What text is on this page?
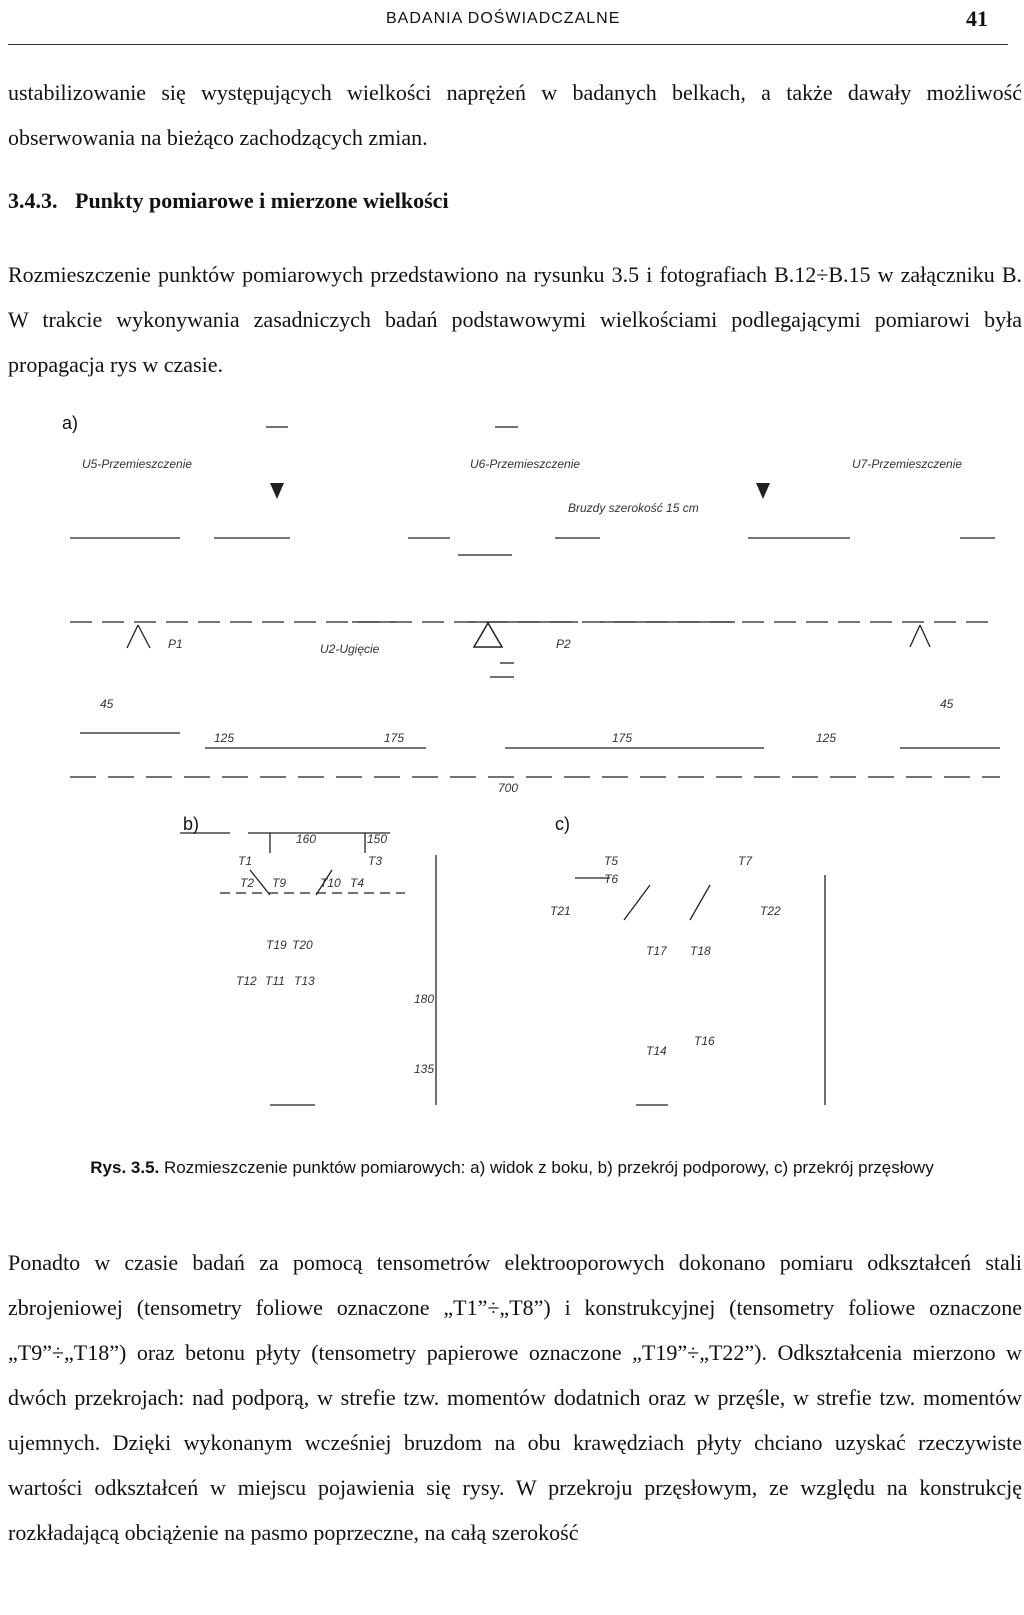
BADANIA DOŚWIADCZALNE	41

ustabilizowanie się występujących wielkości naprężeń w badanych belkach, a także dawały możliwość obserwowania na bieżąco zachodzących zmian.

3.4.3. Punkty pomiarowe i mierzone wielkości

Rozmieszczenie punktów pomiarowych przedstawiono na rysunku 3.5 i fotografiach B.12÷B.15 w załączniku B. W trakcie wykonywania zasadniczych badań podstawowymi wielkościami podlegającymi pomiarowi była propagacja rys w czasie.

a)
b)	c)
U5-Przemieszczenie	U6-Przemieszczenie	U7-Przemieszczenie
Bruzdy szerokość 15 cm
P1	P2
U2-Ugięcie
125	175	175	125
700
45	45
160	150
T1
T2
T3
T4
T9	T10
T11
T12	T13
T19 T20
180
135
T5
T6
T7
T14
T16
T17 T18
T21	T22
Rys. 3.5. Rozmieszczenie punktów pomiarowych: a) widok z boku, b) przekrój podporowy, c) przekrój przęsłowy

Ponadto w czasie badań za pomocą tensometrów elektrooporowych dokonano pomiaru odkształceń stali zbrojeniowej (tensometry foliowe oznaczone „T1”÷„T8”) i konstrukcyjnej (tensometry foliowe oznaczone „T9”÷„T18”) oraz betonu płyty (tensometry papierowe oznaczone „T19”÷„T22”). Odkształcenia mierzono w dwóch przekrojach: nad podporą, w strefie tzw. momentów dodatnich oraz w przęśle, w strefie tzw. momentów ujemnych. Dzięki wykonanym wcześniej bruzdom na obu krawędziach płyty chciano uzyskać rzeczywiste wartości odkształceń w miejscu pojawienia się rysy. W przekroju przęsłowym, ze względu na konstrukcję rozkładającą obciążenie na pasmo poprzeczne, na całą szerokość
